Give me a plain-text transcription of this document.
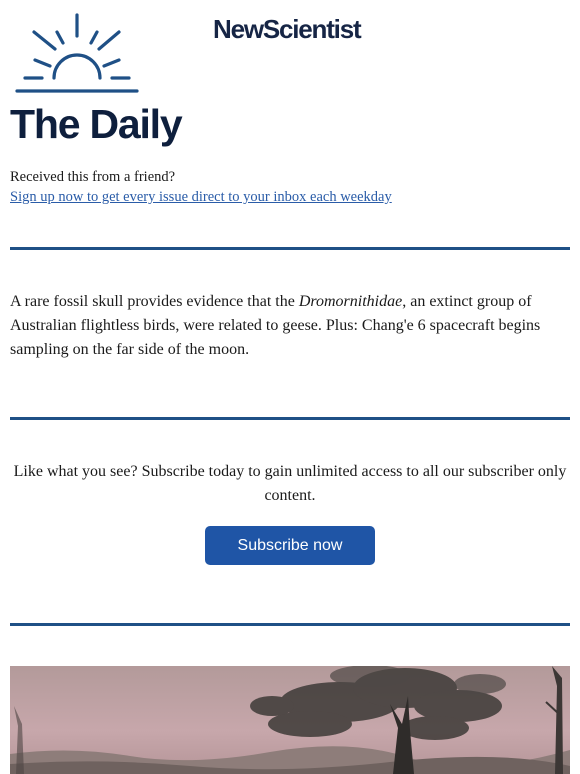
NewScientist
The Daily
Received this from a friend?
Sign up now to get every issue direct to your inbox each weekday

A rare fossil skull provides evidence that the Dromornithidae, an extinct group of Australian flightless birds, were related to geese. Plus: Chang'e 6 spacecraft begins sampling on the far side of the moon.

Like what you see? Subscribe today to gain unlimited access to all our subscriber only content.

Subscribe now
